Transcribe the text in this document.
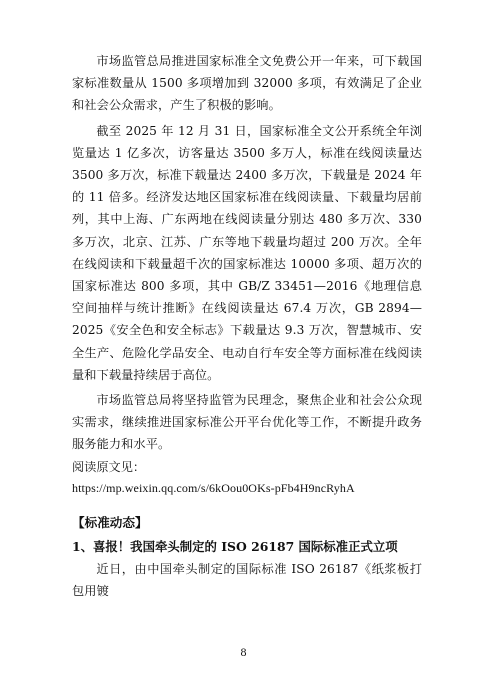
市场监管总局推进国家标准全文免费公开一年来，可下载国家标准数量从 1500 多项增加到 32000 多项，有效满足了企业和社会公众需求，产生了积极的影响。

截至 2025 年 12 月 31 日，国家标准全文公开系统全年浏览量达 1 亿多次，访客量达 3500 多万人，标准在线阅读量达 3500 多万次，标准下载量达 2400 多万次，下载量是 2024 年的 11 倍多。经济发达地区国家标准在线阅读量、下载量均居前列，其中上海、广东两地在线阅读量分别达 480 多万次、330 多万次，北京、江苏、广东等地下载量均超过 200 万次。全年在线阅读和下载量超千次的国家标准达 10000 多项、超万次的国家标准达 800 多项，其中 GB/Z 33451—2016《地理信息 空间抽样与统计推断》在线阅读量达 67.4 万次，GB 2894—2025《安全色和安全标志》下载量达 9.3 万次，智慧城市、安全生产、危险化学品安全、电动自行车安全等方面标准在线阅读量和下载量持续居于高位。

市场监管总局将坚持监管为民理念，聚焦企业和社会公众现实需求，继续推进国家标准公开平台优化等工作，不断提升政务服务能力和水平。

阅读原文见：

https://mp.weixin.qq.com/s/6kOou0OKs-pFb4H9ncRyhA

【标准动态】

1、喜报！我国牵头制定的 ISO 26187 国际标准正式立项

近日，由中国牵头制定的国际标准 ISO 26187《纸浆板打包用镀

8
